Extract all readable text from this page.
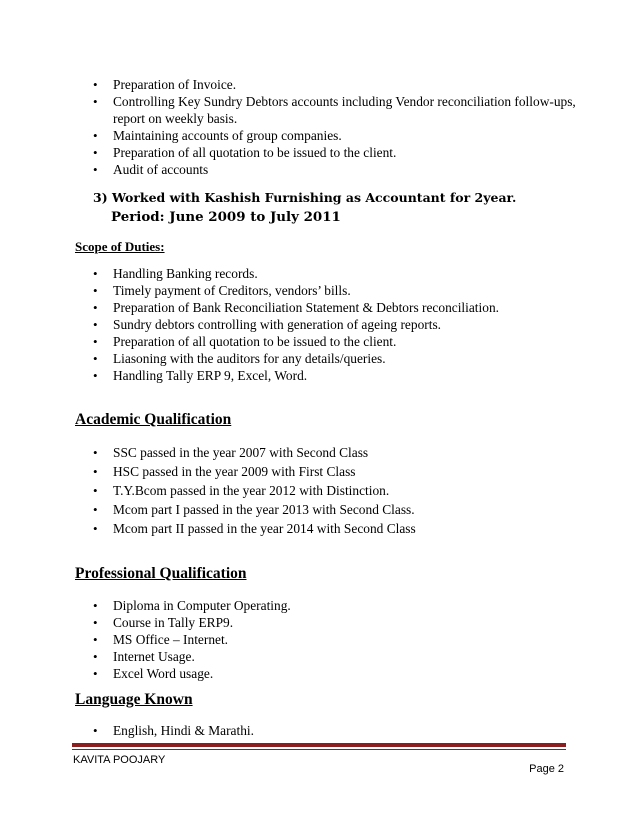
• Preparation of Invoice.
• Controlling Key Sundry Debtors accounts including Vendor reconciliation follow-ups, report on weekly basis.
• Maintaining accounts of group companies.
• Preparation of all quotation to be issued to the client.
• Audit of accounts
3) Worked with Kashish Furnishing as Accountant for 2year.
Period: June 2009 to July 2011
Scope of Duties:
• Handling Banking records.
• Timely payment of Creditors, vendors’ bills.
• Preparation of Bank Reconciliation Statement & Debtors reconciliation.
• Sundry debtors controlling with generation of ageing reports.
• Preparation of all quotation to be issued to the client.
• Liasoning with the auditors for any details/queries.
• Handling Tally ERP 9, Excel, Word.
Academic Qualification
• SSC passed in the year 2007 with Second Class
• HSC passed in the year 2009 with First Class
• T.Y.Bcom passed in the year 2012 with Distinction.
• Mcom part I passed in the year 2013 with Second Class.
• Mcom part II passed in the year 2014 with Second Class
Professional Qualification
• Diploma in Computer Operating.
• Course in Tally ERP9.
• MS Office – Internet.
• Internet Usage.
• Excel Word usage.
Language Known
• English, Hindi & Marathi.
KAVITA POOJARY
Page 2
